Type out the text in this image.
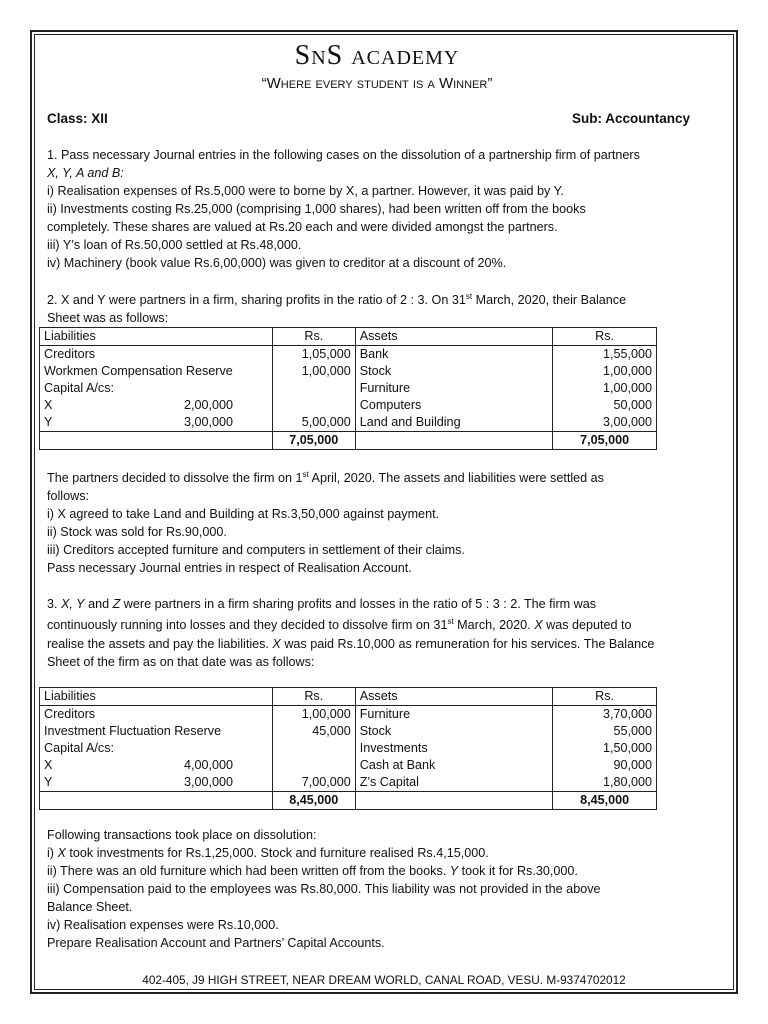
SnS academy
“Where every student is a Winner”
Class: XII	Sub: Accountancy

1. Pass necessary Journal entries in the following cases on the dissolution of a partnership firm of partners

X, Y, A and B:

i) Realisation expenses of Rs.5,000 were to borne by X, a partner. However, it was paid by Y.

ii) Investments costing Rs.25,000 (comprising 1,000 shares), had been written off from the books

completely. These shares are valued at Rs.20 each and were divided amongst the partners.

iii) Y’s loan of Rs.50,000 settled at Rs.48,000.

iv) Machinery (book value Rs.6,00,000) was given to creditor at a discount of 20%.

2. X and Y were partners in a firm, sharing profits in the ratio of 2 : 3. On 31st March, 2020, their Balance

Sheet was as follows:

Liabilities	Rs.	Assets	Rs.

Creditors	1,05,000	Bank	1,55,000

Workmen Compensation Reserve	1,00,000	Stock	1,00,000

Capital A/cs:		Furniture	1,00,000

X 2,00,000		Computers	50,000

Y 3,00,000	5,00,000	Land and Building	3,00,000
	7,05,000		7,05,000

The partners decided to dissolve the firm on 1st April, 2020. The assets and liabilities were settled as

follows:

i) X agreed to take Land and Building at Rs.3,50,000 against payment.

ii) Stock was sold for Rs.90,000.

iii) Creditors accepted furniture and computers in settlement of their claims.

Pass necessary Journal entries in respect of Realisation Account.

3. X, Y and Z were partners in a firm sharing profits and losses in the ratio of 5 : 3 : 2. The firm was

continuously running into losses and they decided to dissolve firm on 31st March, 2020. X was deputed to

realise the assets and pay the liabilities. X was paid Rs.10,000 as remuneration for his services. The Balance

Sheet of the firm as on that date was as follows:

Liabilities	Rs.	Assets	Rs.

Creditors	1,00,000	Furniture	3,70,000

Investment Fluctuation Reserve	45,000	Stock	55,000

Capital A/cs:		Investments	1,50,000

X 4,00,000		Cash at Bank	90,000

Y 3,00,000	7,00,000	Z’s Capital	1,80,000
	8,45,000		8,45,000

Following transactions took place on dissolution:

i) X took investments for Rs.1,25,000. Stock and furniture realised Rs.4,15,000.

ii) There was an old furniture which had been written off from the books. Y took it for Rs.30,000.

iii) Compensation paid to the employees was Rs.80,000. This liability was not provided in the above

Balance Sheet.

iv) Realisation expenses were Rs.10,000.

Prepare Realisation Account and Partners’ Capital Accounts.

402-405, J9 HIGH STREET, NEAR DREAM WORLD, CANAL ROAD, VESU. M-9374702012
